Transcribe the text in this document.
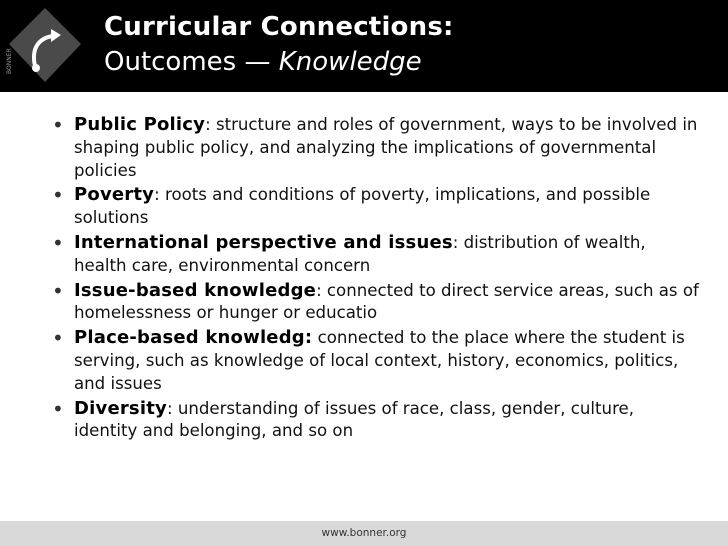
BONNER
Curricular Connections:
Outcomes — Knowledge
• Public Policy: structure and roles of government, ways to be involved in shaping public policy, and analyzing the implications of governmental policies
• Poverty: roots and conditions of poverty, implications, and possible solutions
• International perspective and issues: distribution of wealth, health care, environmental concern
• Issue-based knowledge: connected to direct service areas, such as of homelessness or hunger or educatio
• Place-based knowledg: connected to the place where the student is serving, such as knowledge of local context, history, economics, politics, and issues
• Diversity: understanding of issues of race, class, gender, culture, identity and belonging, and so on
www.bonner.org
